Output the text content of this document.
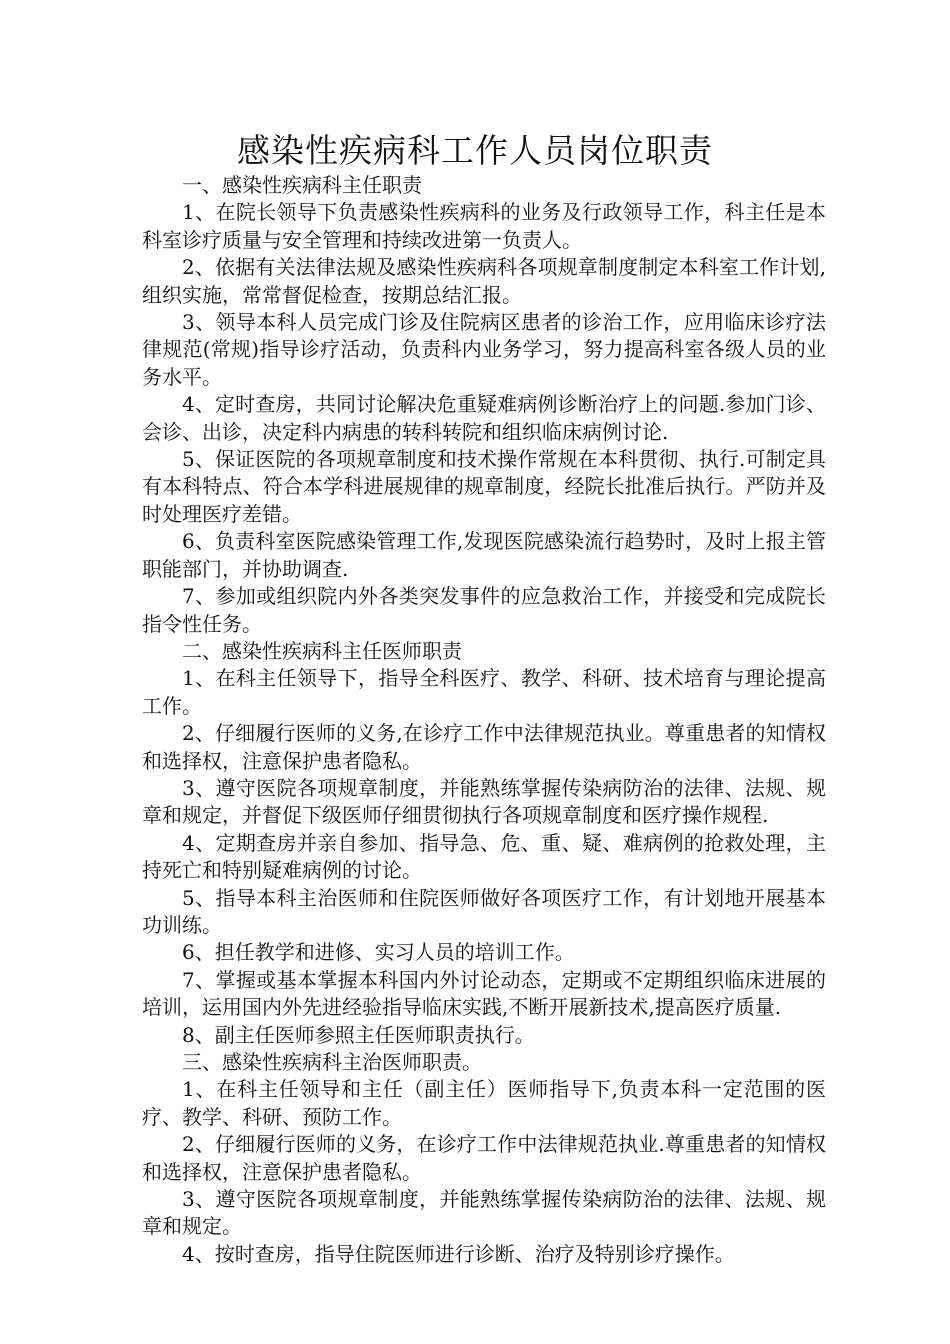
感染性疾病科工作人员岗位职责

一、感染性疾病科主任职责

1、在院长领导下负责感染性疾病科的业务及行政领导工作，科主任是本科室诊疗质量与安全管理和持续改进第一负责人。

2、依据有关法律法规及感染性疾病科各项规章制度制定本科室工作计划,组织实施，常常督促检查，按期总结汇报。

3、领导本科人员完成门诊及住院病区患者的诊治工作，应用临床诊疗法律规范(常规)指导诊疗活动，负责科内业务学习，努力提高科室各级人员的业务水平。

4、定时查房，共同讨论解决危重疑难病例诊断治疗上的问题.参加门诊、会诊、出诊，决定科内病患的转科转院和组织临床病例讨论.

5、保证医院的各项规章制度和技术操作常规在本科贯彻、执行.可制定具有本科特点、符合本学科进展规律的规章制度，经院长批准后执行。严防并及时处理医疗差错。

6、负责科室医院感染管理工作,发现医院感染流行趋势时，及时上报主管职能部门，并协助调查.

7、参加或组织院内外各类突发事件的应急救治工作，并接受和完成院长指令性任务。

二、感染性疾病科主任医师职责

1、在科主任领导下，指导全科医疗、教学、科研、技术培育与理论提高工作。

2、仔细履行医师的义务,在诊疗工作中法律规范执业。尊重患者的知情权和选择权，注意保护患者隐私。

3、遵守医院各项规章制度，并能熟练掌握传染病防治的法律、法规、规章和规定，并督促下级医师仔细贯彻执行各项规章制度和医疗操作规程.

4、定期查房并亲自参加、指导急、危、重、疑、难病例的抢救处理，主持死亡和特别疑难病例的讨论。

5、指导本科主治医师和住院医师做好各项医疗工作，有计划地开展基本功训练。

6、担任教学和进修、实习人员的培训工作。

7、掌握或基本掌握本科国内外讨论动态，定期或不定期组织临床进展的培训，运用国内外先进经验指导临床实践,不断开展新技术,提高医疗质量.

8、副主任医师参照主任医师职责执行。

三、感染性疾病科主治医师职责。

1、在科主任领导和主任（副主任）医师指导下,负责本科一定范围的医疗、教学、科研、预防工作。

2、仔细履行医师的义务，在诊疗工作中法律规范执业.尊重患者的知情权和选择权，注意保护患者隐私。

3、遵守医院各项规章制度，并能熟练掌握传染病防治的法律、法规、规章和规定。

4、按时查房，指导住院医师进行诊断、治疗及特别诊疗操作。
